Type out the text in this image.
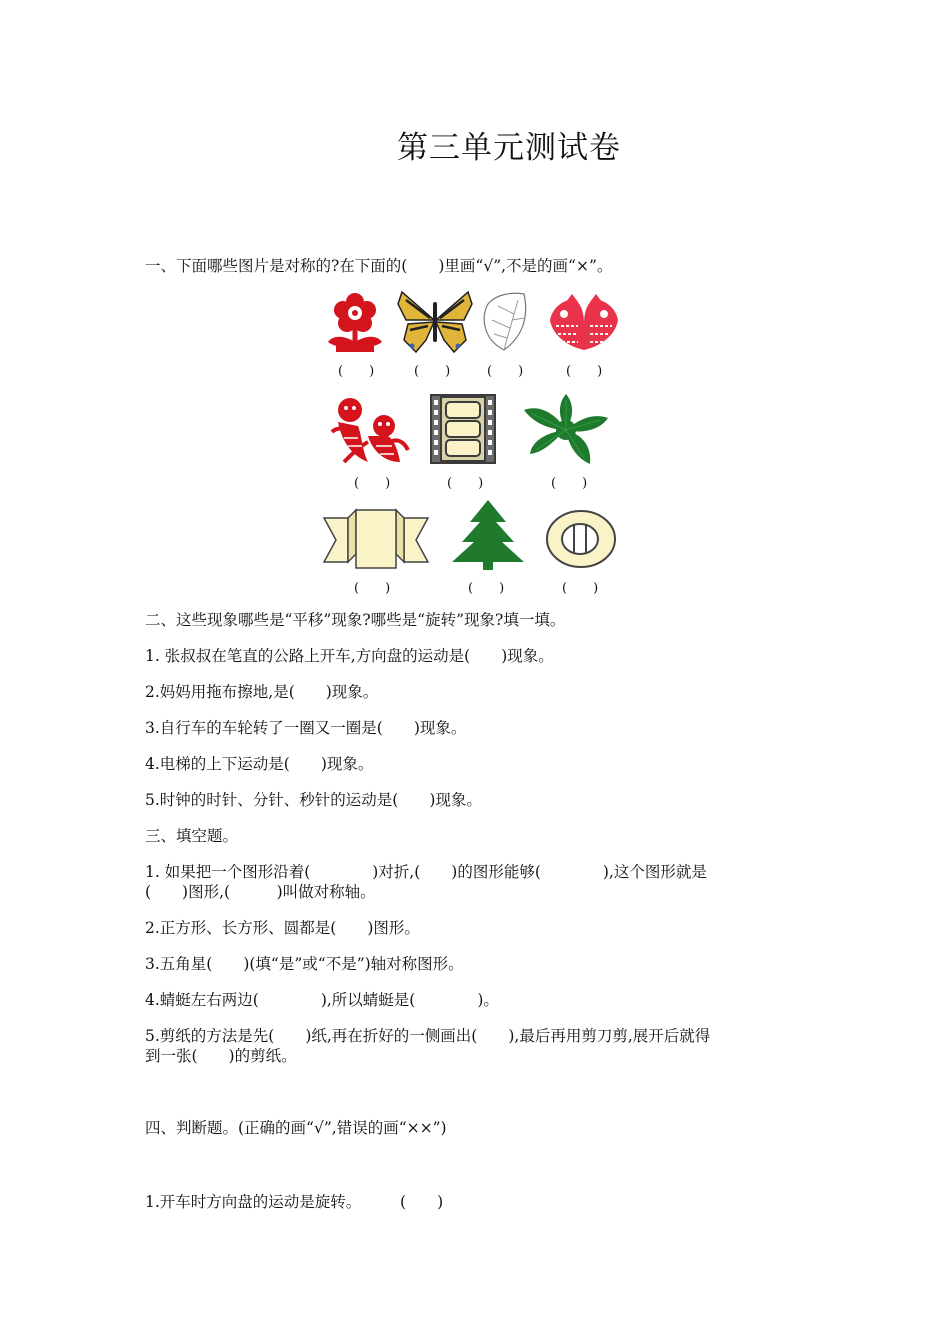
第三单元测试卷
一、下面哪些图片是对称的?在下面的(　　)里画“√”,不是的画“×”。
(　　)	(　　)	(　　)	(　　)
(　　)	(　　)	(　　)
(　　)	(　　)	(　　)
二、这些现象哪些是“平移”现象?哪些是“旋转”现象?填一填。
1. 张叔叔在笔直的公路上开车,方向盘的运动是(　　)现象。
2.妈妈用拖布擦地,是(　　)现象。
3.自行车的车轮转了一圈又一圈是(　　)现象。
4.电梯的上下运动是(　　)现象。
5.时钟的时针、分针、秒针的运动是(　　)现象。
三、填空题。
1. 如果把一个图形沿着(　　　　)对折,(　　)的图形能够(　　　　),这个图形就是
(　　)图形,(　　　)叫做对称轴。
2.正方形、长方形、圆都是(　　)图形。
3.五角星(　　)(填“是”或“不是”)轴对称图形。
4.蜻蜓左右两边(　　　　),所以蜻蜓是(　　　　)。
5.剪纸的方法是先(　　)纸,再在折好的一侧画出(　　),最后再用剪刀剪,展开后就得
到一张(　　)的剪纸。
四、判断题。(正确的画“√”,错误的画“××”)
1.开车时方向盘的运动是旋转。　　　(　　)
